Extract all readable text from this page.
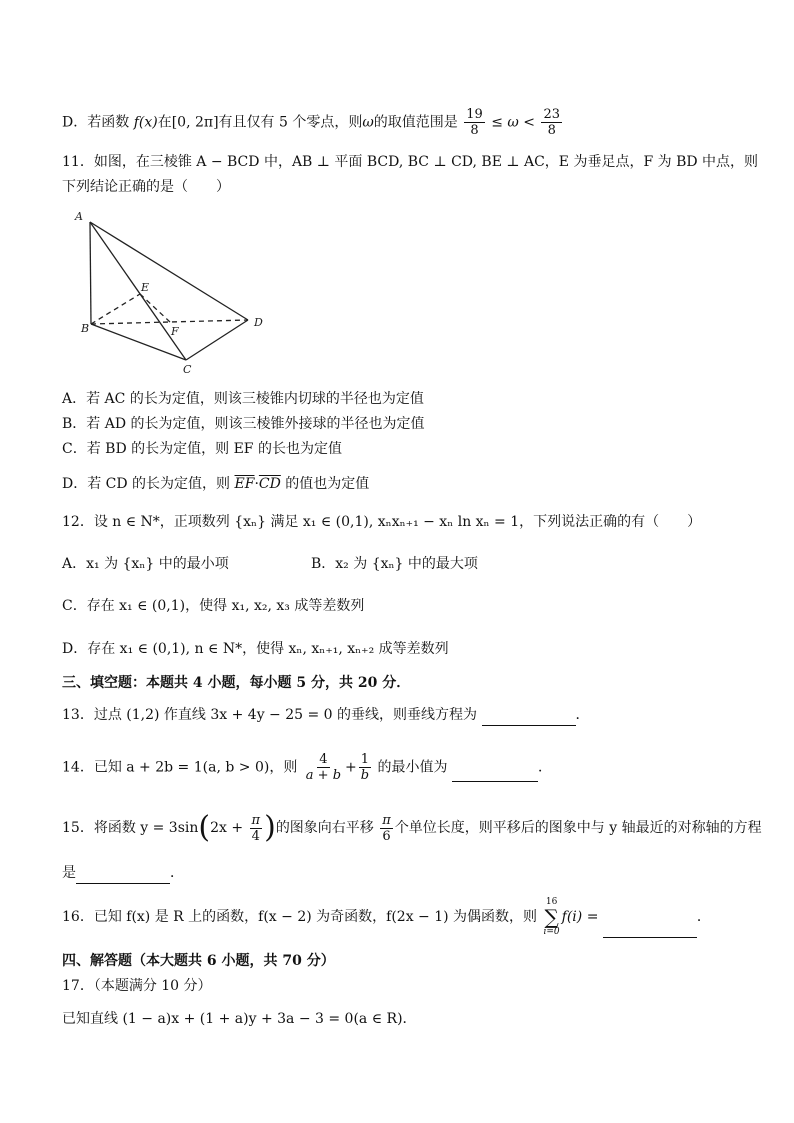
D．若函数 f(x)在[0, 2π]有且仅有 5 个零点，则ω的取值范围是 $\frac{19}{8} \le \omega < \frac{23}{8}$
11．如图，在三棱锥 A − BCD 中，AB ⊥ 平面 BCD, BC ⊥ CD, BE ⊥ AC，E 为垂足点，F 为 BD 中点，则
下列结论正确的是（　　）
A
B
C
D
E
F
A．若 AC 的长为定值，则该三棱锥内切球的半径也为定值
B．若 AD 的长为定值，则该三棱锥外接球的半径也为定值
C．若 BD 的长为定值，则 EF 的长也为定值
D．若 CD 的长为定值，则 $\overline{EF}\cdot\overline{CD}$ 的值也为定值
12．设 n ∈ N*，正项数列 {xₙ} 满足 x₁ ∈ (0,1), xₙxₙ₊₁ − xₙ ln xₙ = 1，下列说法正确的有（　　）
A．x₁ 为 {xₙ} 中的最小项	B．x₂ 为 {xₙ} 中的最大项
C．存在 x₁ ∈ (0,1)，使得 x₁, x₂, x₃ 成等差数列
D．存在 x₁ ∈ (0,1), n ∈ N*，使得 xₙ, xₙ₊₁, xₙ₊₂ 成等差数列
三、填空题：本题共 4 小题，每小题 5 分，共 20 分．
13．过点 (1,2) 作直线 3x + 4y − 25 = 0 的垂线，则垂线方程为	．
14．已知 a + 2b = 1(a, b > 0)，则 $\frac{4}{a + b} + \frac{1}{b}$ 的最小值为	．
15．将函数 $y = 3\sin(2x + \frac{\pi}{4}$ )的图象向右平移 $\frac{\pi}{6}$ 个单位长度，则平移后的图象中与 y 轴最近的对称轴的方程
是	．
16．已知 f(x) 是 R 上的函数，f(x − 2) 为奇函数，f(2x − 1) 为偶函数，则
16
∑
i=0
f(i) =	．
四、解答题（本大题共 6 小题，共 70 分）
17．（本题满分 10 分）
已知直线 (1 − a)x + (1 + a)y + 3a − 3 = 0(a ∈ R)．
